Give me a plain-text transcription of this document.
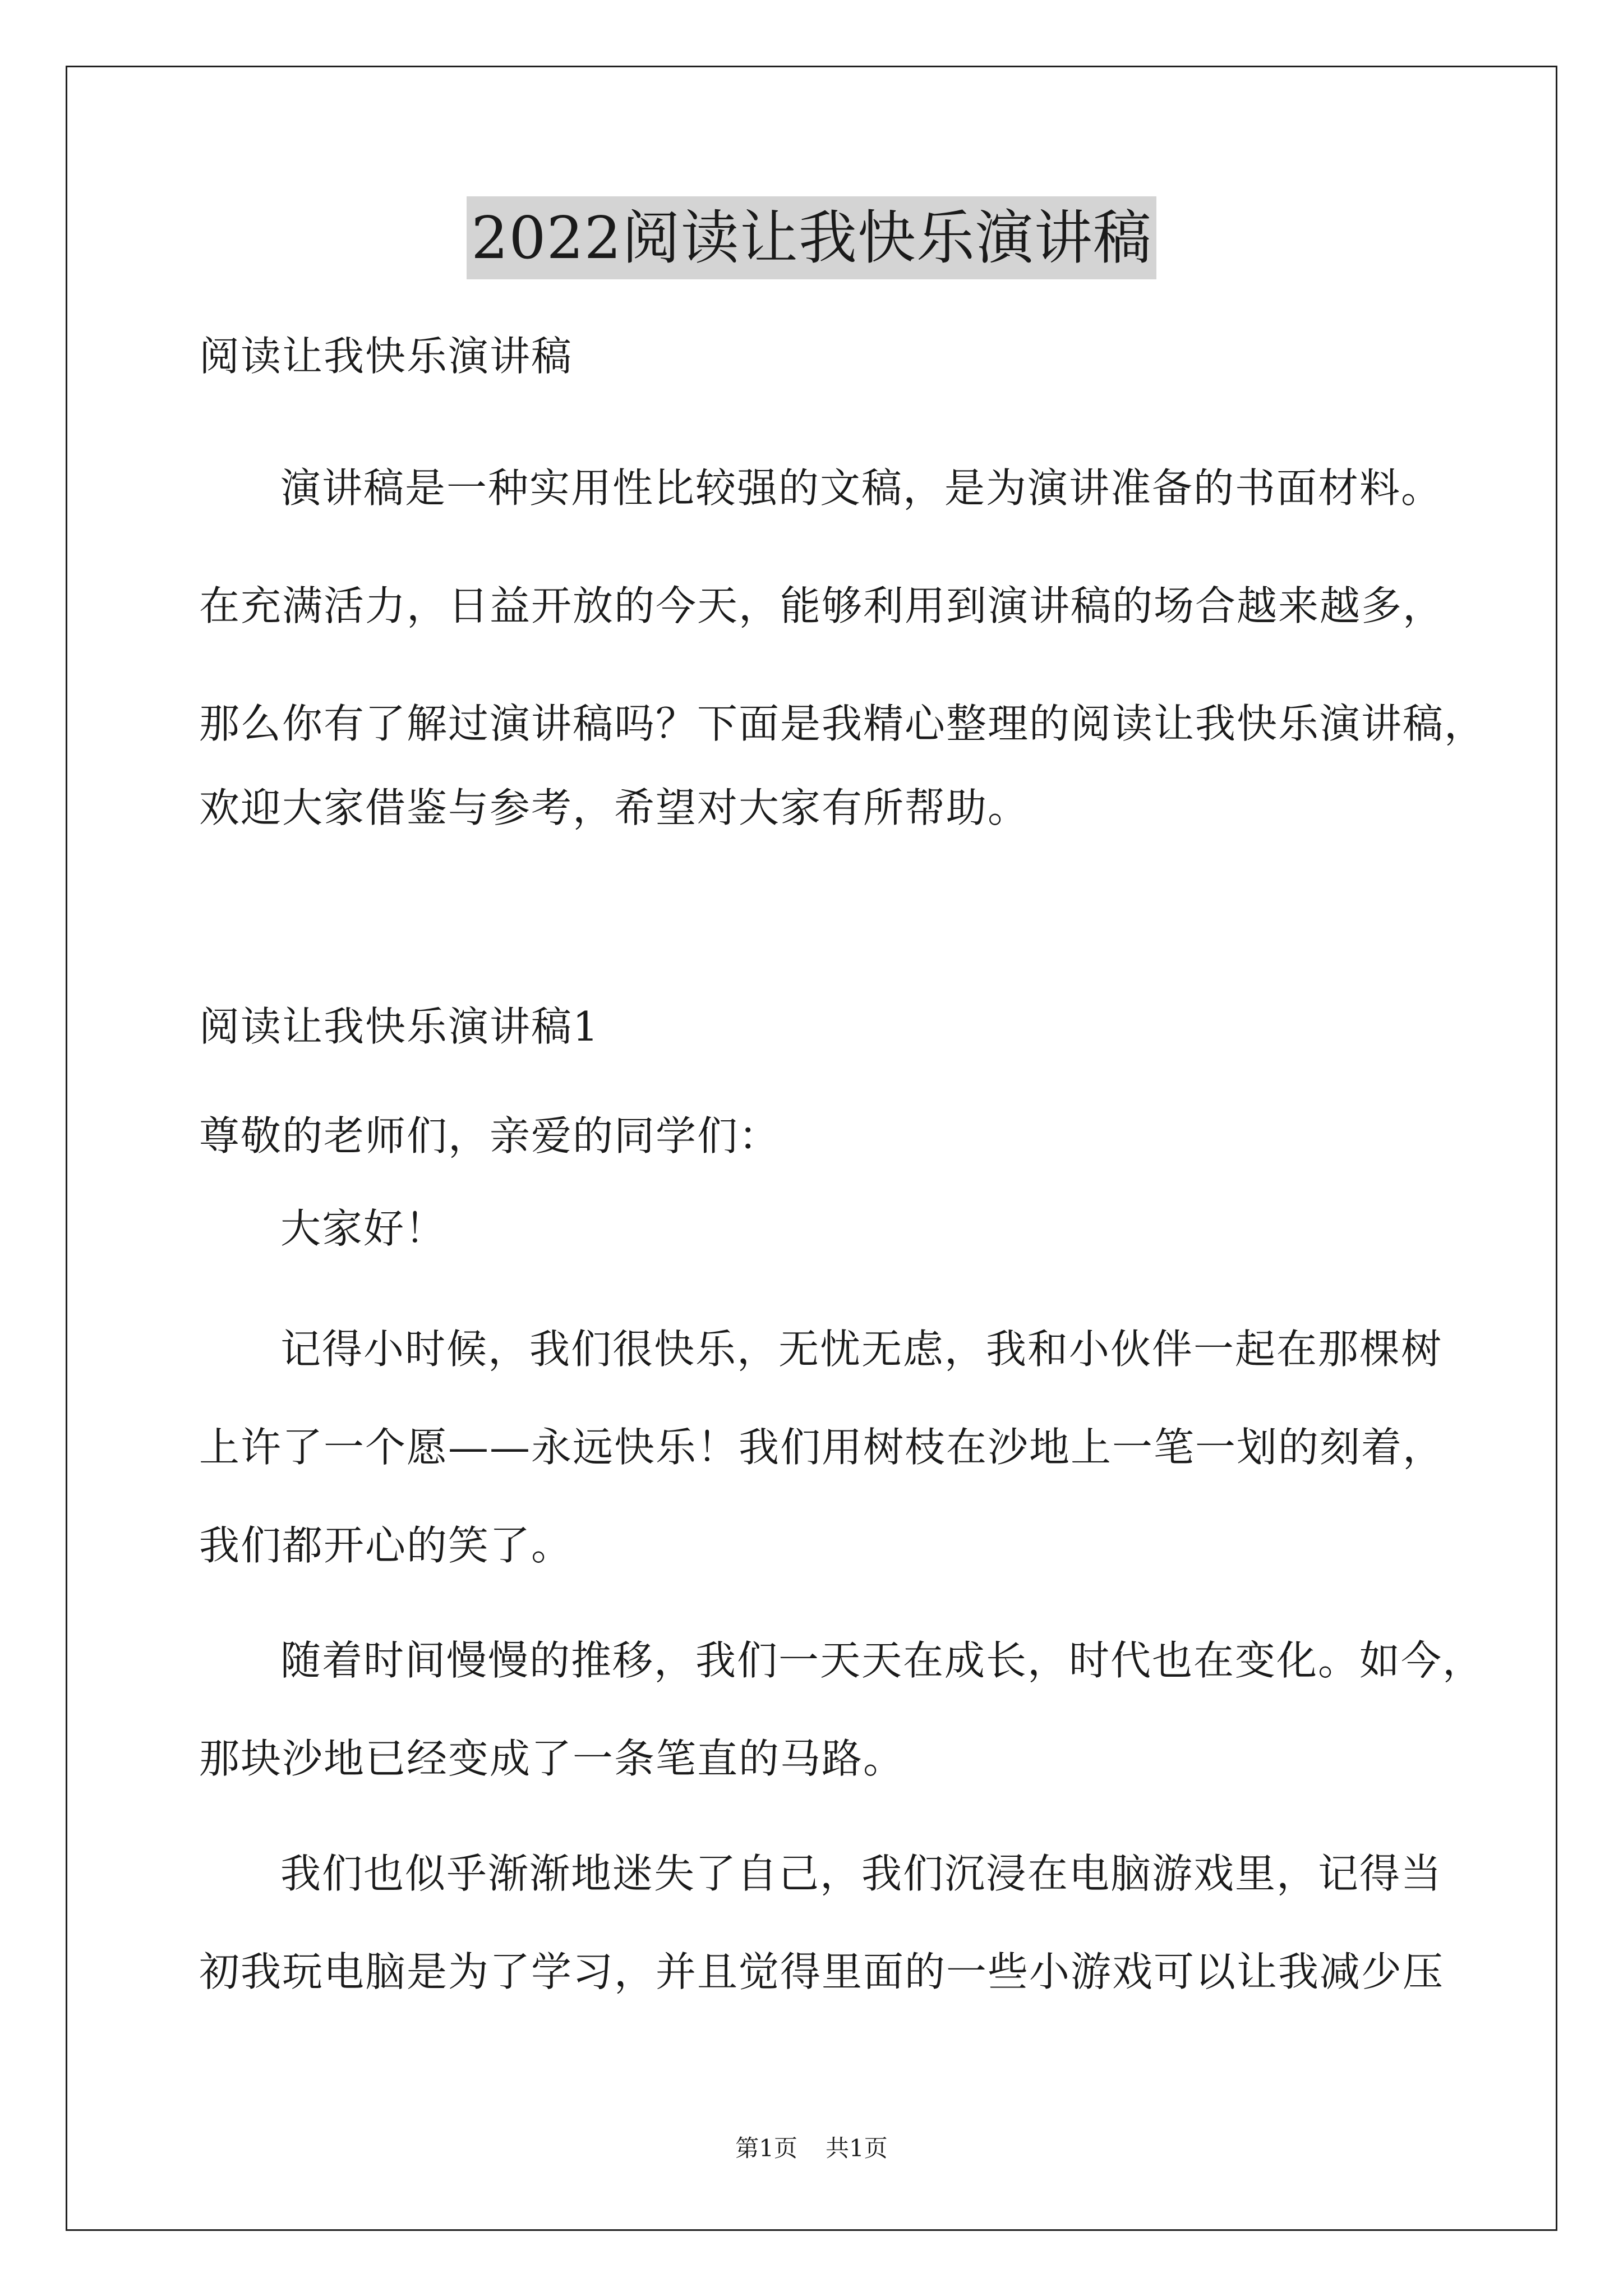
2022阅读让我快乐演讲稿
阅读让我快乐演讲稿
演讲稿是一种实用性比较强的文稿，是为演讲准备的书面材料。
在充满活力，日益开放的今天，能够利用到演讲稿的场合越来越多，
那么你有了解过演讲稿吗？下面是我精心整理的阅读让我快乐演讲稿，
欢迎大家借鉴与参考，希望对大家有所帮助。
阅读让我快乐演讲稿1
尊敬的老师们，亲爱的同学们：
大家好！
记得小时候，我们很快乐，无忧无虑，我和小伙伴一起在那棵树
上许了一个愿——永远快乐！我们用树枝在沙地上一笔一划的刻着，
我们都开心的笑了。
随着时间慢慢的推移，我们一天天在成长，时代也在变化。如今，
那块沙地已经变成了一条笔直的马路。
我们也似乎渐渐地迷失了自己，我们沉浸在电脑游戏里，记得当
初我玩电脑是为了学习，并且觉得里面的一些小游戏可以让我减少压
第1页 共1页
